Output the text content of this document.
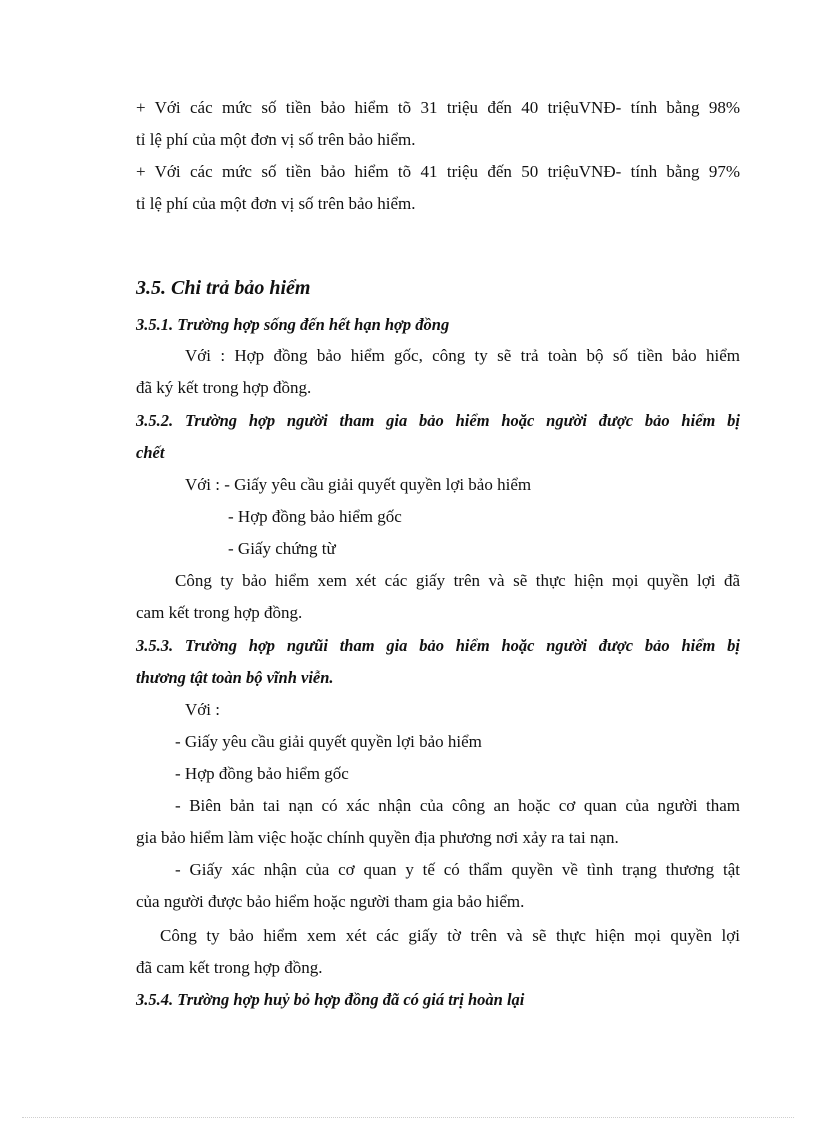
+ Với các mức số tiền bảo hiểm tõ 31 triệu đến 40 triệuVNĐ- tính bằng 98%
tỉ lệ phí của một đơn vị số trên bảo hiểm.
+ Với các mức số tiền bảo hiểm tõ 41 triệu đến 50 triệuVNĐ- tính bằng 97%
tỉ lệ phí của một đơn vị số trên bảo hiểm.
3.5. Chi trả bảo hiểm
3.5.1. Trường hợp sống đến hết hạn hợp đồng
Với : Hợp đồng bảo hiểm gốc, công ty sẽ trả toàn bộ số tiền bảo hiểm
đã ký kết trong hợp đồng.
3.5.2. Trường hợp người tham gia bảo hiểm hoặc người được bảo hiểm bị
chết
Với : - Giấy yêu cầu giải quyết quyền lợi bảo hiểm
- Hợp đồng bảo hiểm gốc
- Giấy chứng từ
Công ty bảo hiểm xem xét các giấy trên và sẽ thực hiện mọi quyền lợi đã
cam kết trong hợp đồng.
3.5.3. Trường hợp ngưũi tham gia bảo hiểm hoặc người được bảo hiểm bị
thương tật toàn bộ vĩnh viễn.
Với :
- Giấy yêu cầu giải quyết quyền lợi bảo hiểm
- Hợp đồng bảo hiểm gốc
- Biên bản tai nạn có xác nhận của công an hoặc cơ quan của người tham
gia bảo hiểm làm việc hoặc chính quyền địa phương nơi xảy ra tai nạn.
- Giấy xác nhận của cơ quan y tế có thẩm quyền về tình trạng thương tật
của người được bảo hiểm hoặc người tham gia bảo hiểm.
Công ty bảo hiểm xem xét các giấy tờ trên và sẽ thực hiện mọi quyền lợi
đã cam kết trong hợp đồng.
3.5.4. Trường hợp huỷ bỏ hợp đồng đã có giá trị hoàn lại
